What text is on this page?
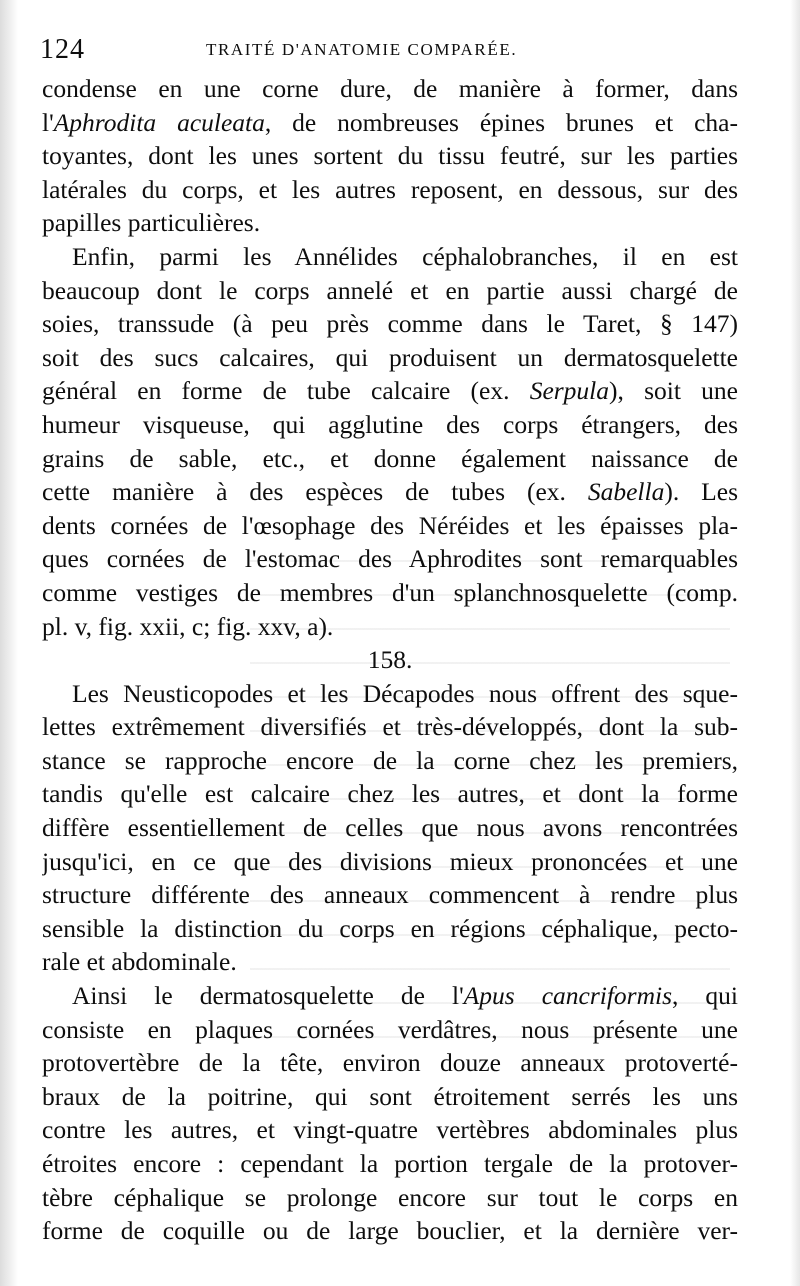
124	TRAITÉ D'ANATOMIE COMPARÉE.
condense en une corne dure, de manière à former, dans
l'Aphrodita aculeata, de nombreuses épines brunes et cha-
toyantes, dont les unes sortent du tissu feutré, sur les parties
latérales du corps, et les autres reposent, en dessous, sur des
papilles particulières.
Enfin, parmi les Annélides céphalobranches, il en est
beaucoup dont le corps annelé et en partie aussi chargé de
soies, transsude (à peu près comme dans le Taret, § 147)
soit des sucs calcaires, qui produisent un dermatosquelette
général en forme de tube calcaire (ex. Serpula), soit une
humeur visqueuse, qui agglutine des corps étrangers, des
grains de sable, etc., et donne également naissance de
cette manière à des espèces de tubes (ex. Sabella). Les
dents cornées de l'œsophage des Néréides et les épaisses pla-
ques cornées de l'estomac des Aphrodites sont remarquables
comme vestiges de membres d'un splanchnosquelette (comp.
pl. v, fig. xxii, c; fig. xxv, a).
158.
Les Neusticopodes et les Décapodes nous offrent des sque-
lettes extrêmement diversifiés et très-développés, dont la sub-
stance se rapproche encore de la corne chez les premiers,
tandis qu'elle est calcaire chez les autres, et dont la forme
diffère essentiellement de celles que nous avons rencontrées
jusqu'ici, en ce que des divisions mieux prononcées et une
structure différente des anneaux commencent à rendre plus
sensible la distinction du corps en régions céphalique, pecto-
rale et abdominale.
Ainsi le dermatosquelette de l'Apus cancriformis, qui
consiste en plaques cornées verdâtres, nous présente une
protovertèbre de la tête, environ douze anneaux protoverté-
braux de la poitrine, qui sont étroitement serrés les uns
contre les autres, et vingt-quatre vertèbres abdominales plus
étroites encore : cependant la portion tergale de la protover-
tèbre céphalique se prolonge encore sur tout le corps en
forme de coquille ou de large bouclier, et la dernière ver-
